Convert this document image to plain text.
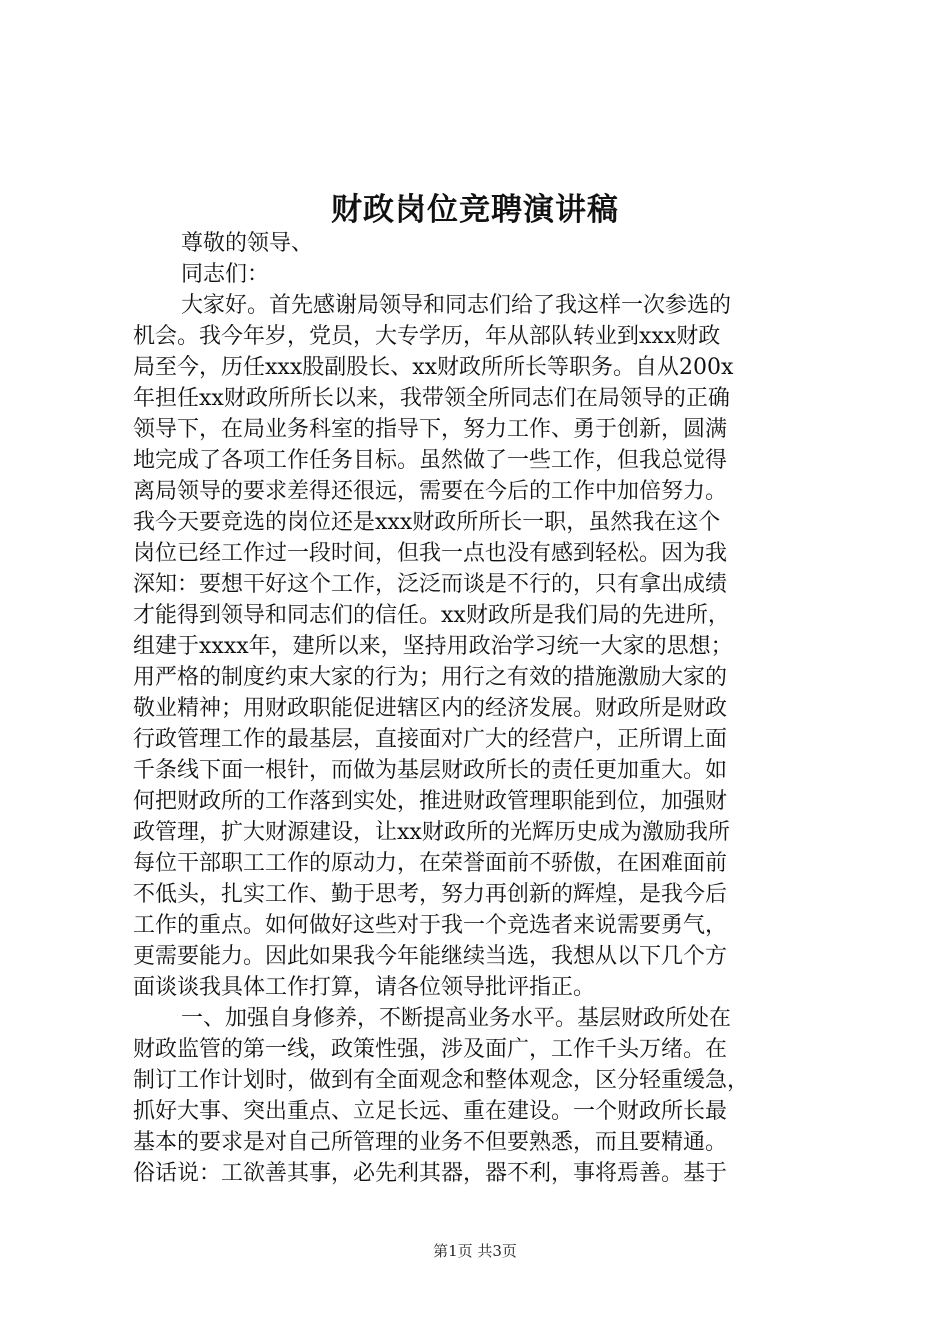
财政岗位竞聘演讲稿
尊敬的领导、
同志们：
大家好。首先感谢局领导和同志们给了我这样一次参选的
机会。我今年岁，党员，大专学历，年从部队转业到xxx财政
局至今，历任xxx股副股长、xx财政所所长等职务。自从200x
年担任xx财政所所长以来，我带领全所同志们在局领导的正确
领导下，在局业务科室的指导下，努力工作、勇于创新，圆满
地完成了各项工作任务目标。虽然做了一些工作，但我总觉得
离局领导的要求差得还很远，需要在今后的工作中加倍努力。
我今天要竞选的岗位还是xxx财政所所长一职，虽然我在这个
岗位已经工作过一段时间，但我一点也没有感到轻松。因为我
深知：要想干好这个工作，泛泛而谈是不行的，只有拿出成绩
才能得到领导和同志们的信任。xx财政所是我们局的先进所，
组建于xxxx年，建所以来，坚持用政治学习统一大家的思想；
用严格的制度约束大家的行为；用行之有效的措施激励大家的
敬业精神；用财政职能促进辖区内的经济发展。财政所是财政
行政管理工作的最基层，直接面对广大的经营户，正所谓上面
千条线下面一根针，而做为基层财政所长的责任更加重大。如
何把财政所的工作落到实处，推进财政管理职能到位，加强财
政管理，扩大财源建设，让xx财政所的光辉历史成为激励我所
每位干部职工工作的原动力，在荣誉面前不骄傲，在困难面前
不低头，扎实工作、勤于思考，努力再创新的辉煌，是我今后
工作的重点。如何做好这些对于我一个竞选者来说需要勇气，
更需要能力。因此如果我今年能继续当选，我想从以下几个方
面谈谈我具体工作打算，请各位领导批评指正。
一、加强自身修养，不断提高业务水平。基层财政所处在
财政监管的第一线，政策性强，涉及面广，工作千头万绪。在
制订工作计划时，做到有全面观念和整体观念，区分轻重缓急，
抓好大事、突出重点、立足长远、重在建设。一个财政所长最
基本的要求是对自己所管理的业务不但要熟悉，而且要精通。
俗话说：工欲善其事，必先利其器，器不利，事将焉善。基于
第1页 共3页
